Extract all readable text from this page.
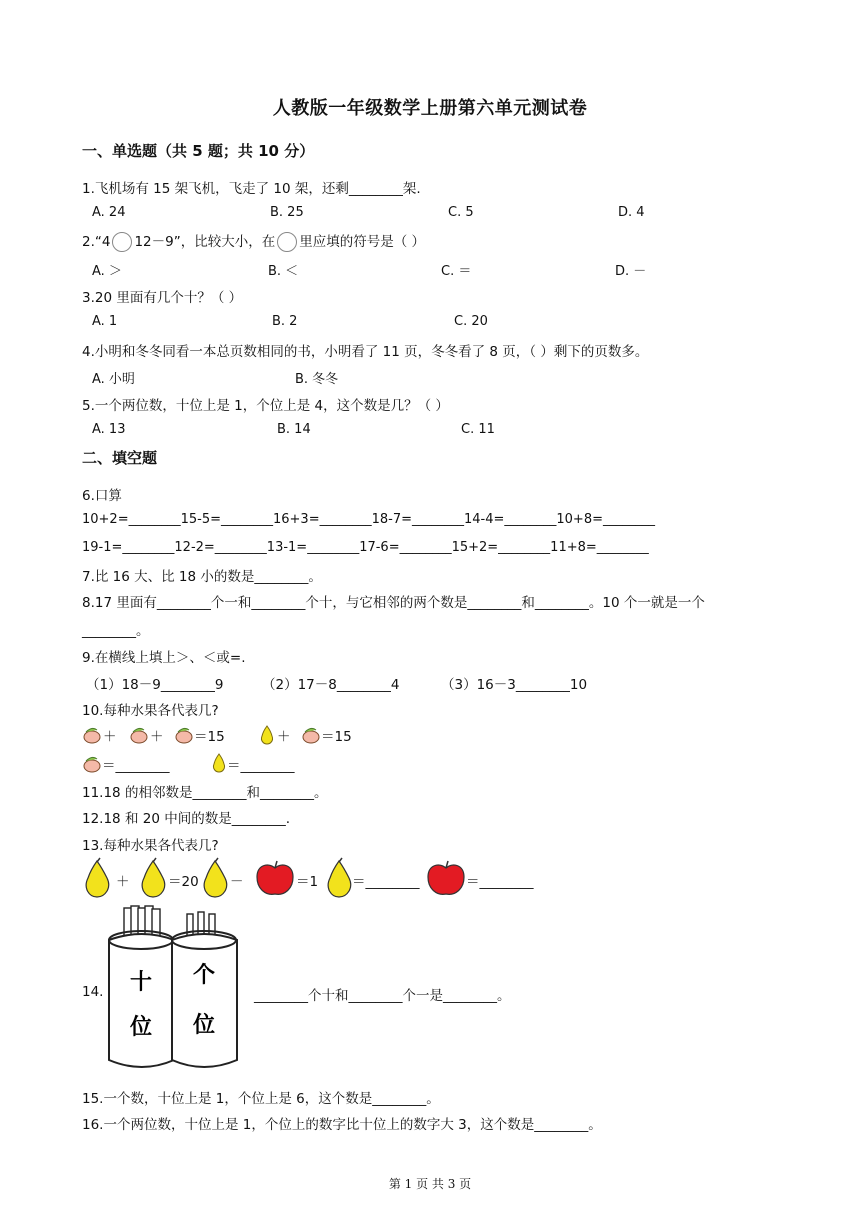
人教版一年级数学上册第六单元测试卷
一、单选题（共 5 题；共 10 分）
1.飞机场有 15 架飞机，飞走了 10 架，还剩________架.
A. 24	B. 25	C. 5	D. 4
2.“4 12－9”，比较大小，在 里应填的符号是（ ）
A. ＞	B. ＜	C. ＝	D. －
3.20 里面有几个十？（ ）
A. 1	B. 2	C. 20
4.小明和冬冬同看一本总页数相同的书，小明看了 11 页，冬冬看了 8 页，（ ）剩下的页数多。
A. 小明	B. 冬冬
5.一个两位数，十位上是 1，个位上是 4，这个数是几？（ ）
A. 13	B. 14	C. 11
二、填空题
6.口算
10+2=________15-5=________16+3=________18-7=________14-4=________10+8=________
19-1=________12-2=________13-1=________17-6=________15+2=________11+8=________
7.比 16 大、比 18 小的数是________。
8.17 里面有________个一和________个十，与它相邻的两个数是________和________。10 个一就是一个
________。
9.在横线上填上＞、＜或=.
（1）18－9________9	（2）17－8________4	（3）16－3________10
10.每种水果各代表几?
＋ ＋ ＝15	＋ ＝15
＝________	＝________
11.18 的相邻数是________和________。
12.18 和 20 中间的数是________.
13.每种水果各代表几?
＋	＝20 －	＝1	＝________	＝________
14. 十
位
个
位
________个十和________个一是________。
15.一个数，十位上是 1，个位上是 6，这个数是________。
16.一个两位数，十位上是 1，个位上的数字比十位上的数字大 3，这个数是________。
第 1 页 共 3 页
